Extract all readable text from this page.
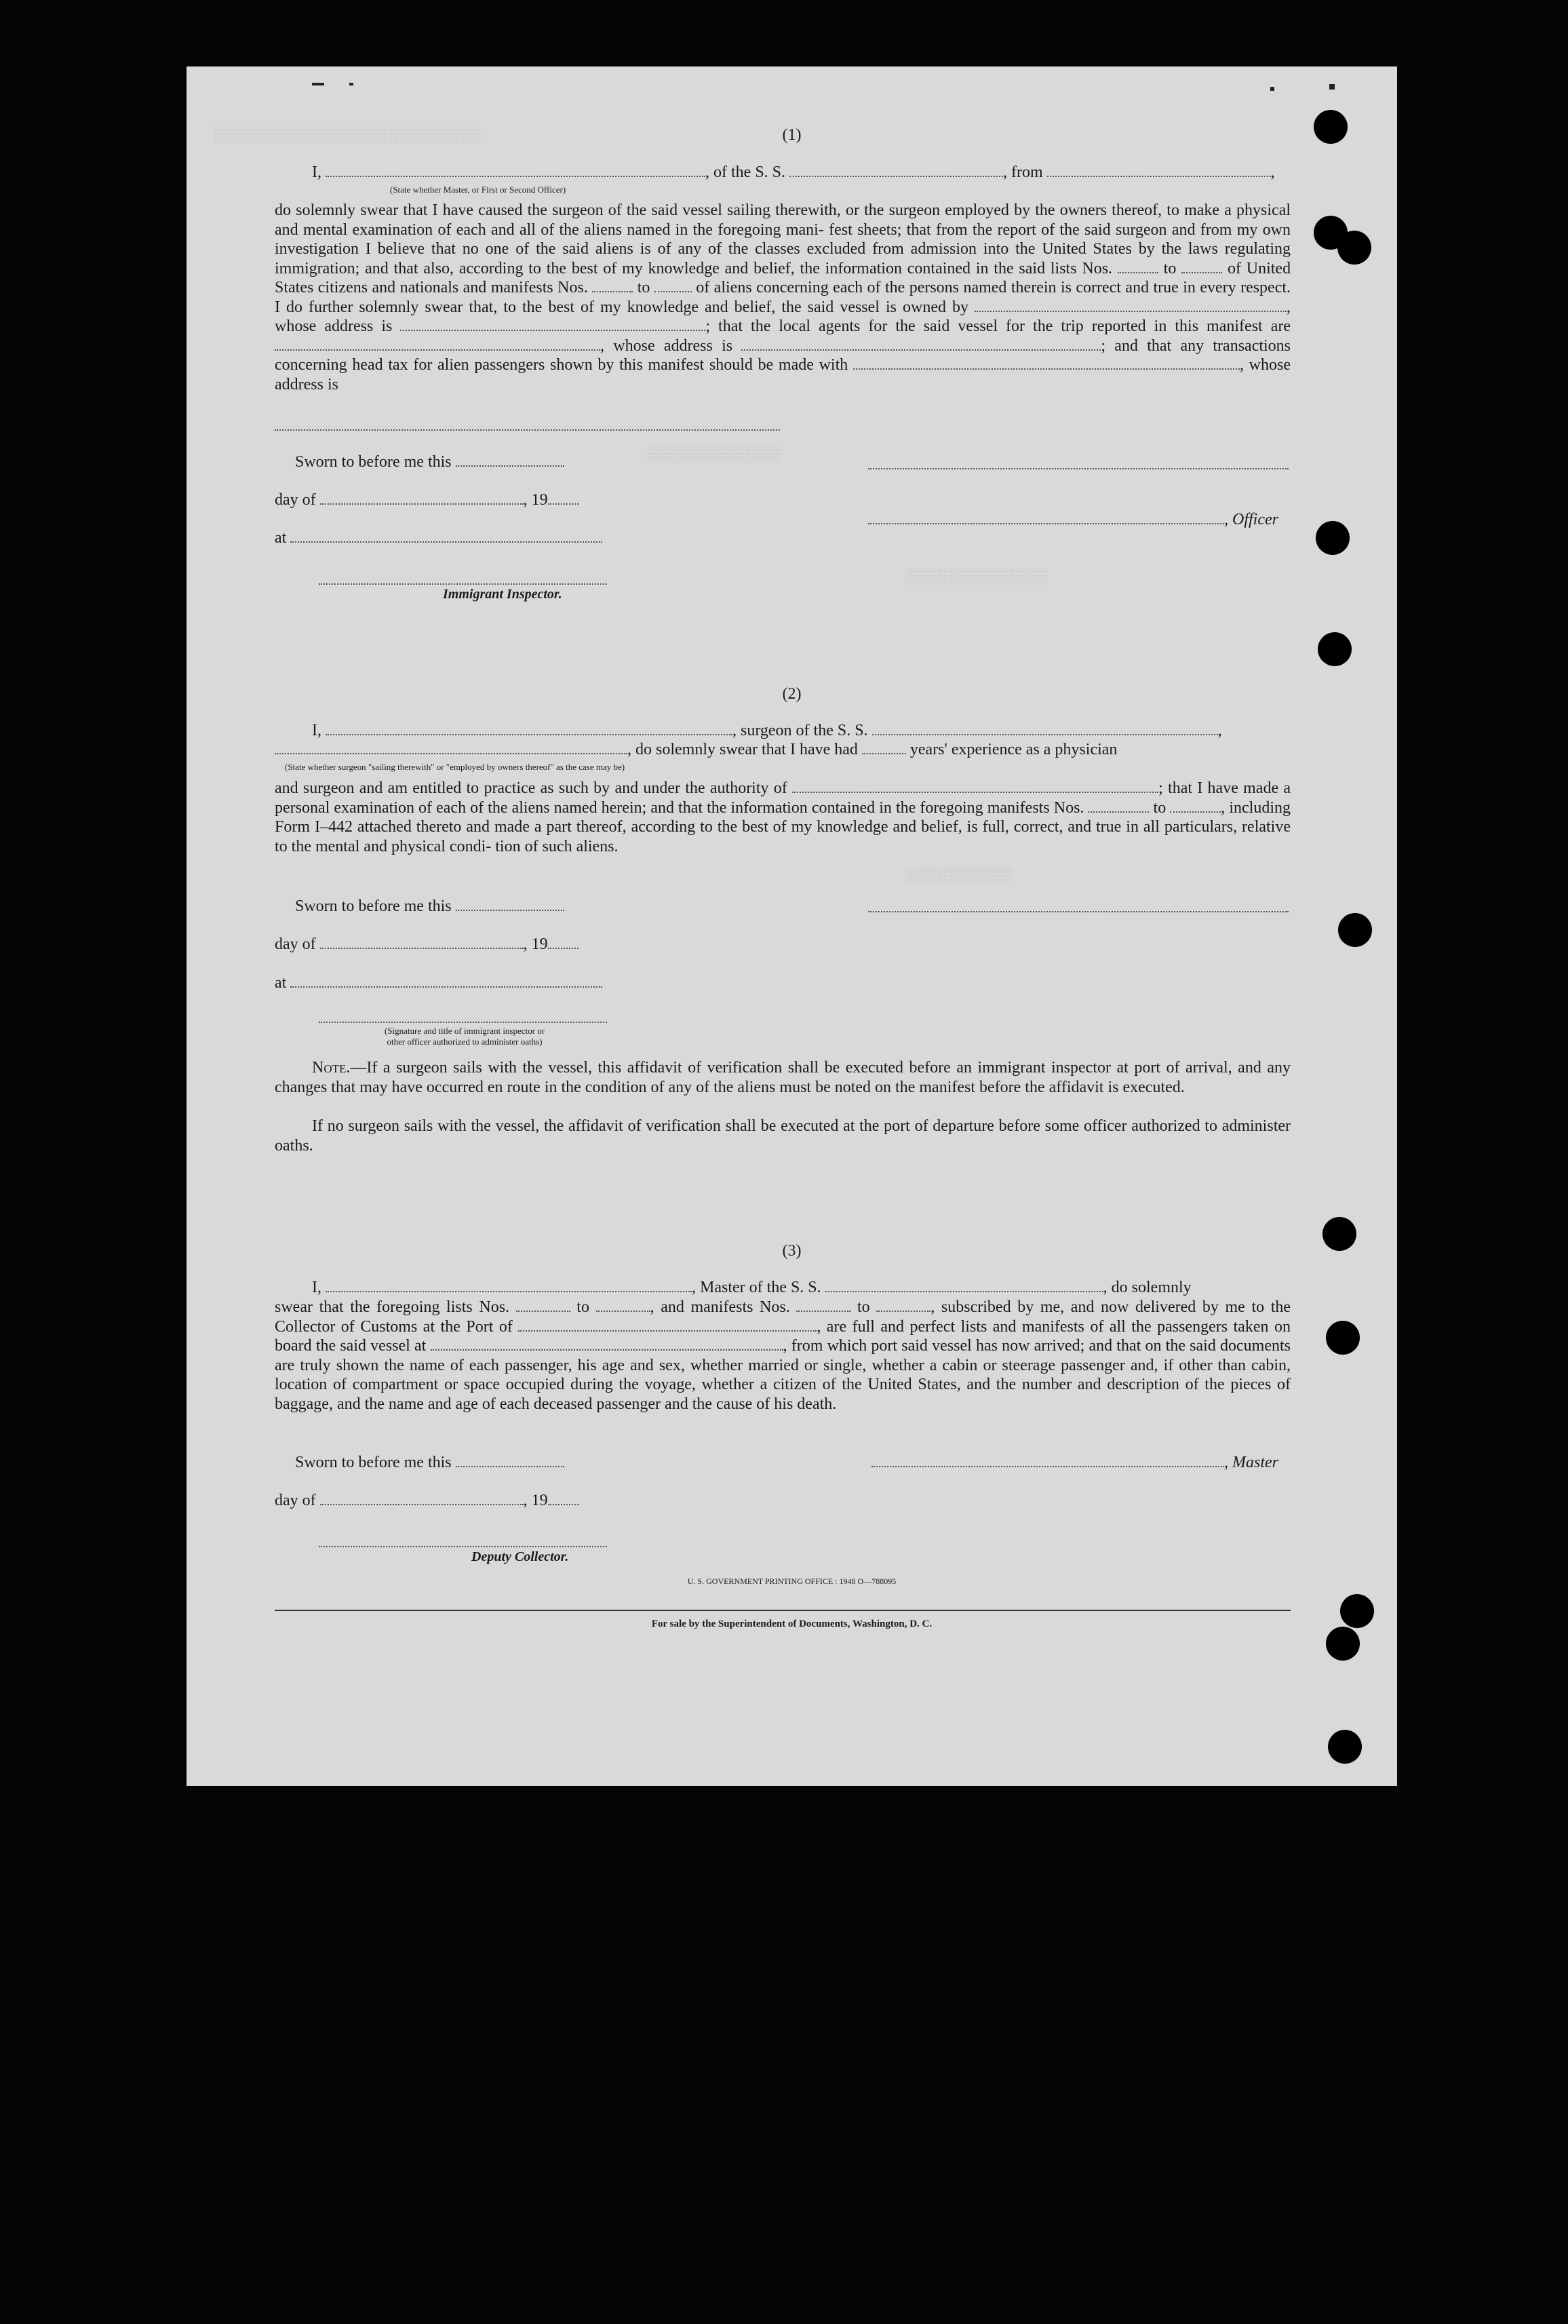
░░░░░░░░░░░░░░░░░░░░░░░░░░░░░░
░░░░░░░░░░░░░░░
░░░░░░░░░░░░░░░░
░░░░░░░░░░░░
(1)
I,	, of the S. S.	, from	,
(State whether Master, or First or Second Officer)
do solemnly swear that I have caused the surgeon of the said vessel sailing therewith, or the surgeon employed by the owners thereof, to make a physical and mental examination of each and all of the aliens named in the foregoing mani- fest sheets; that from the report of the said surgeon and from my own investigation I believe that no one of the said aliens is of any of the classes excluded from admission into the United States by the laws regulating immigration; and that also, according to the best of my knowledge and belief, the information contained in the said lists Nos.	to	of United States citizens and nationals and manifests Nos.	to	of aliens concerning each of the persons named therein is correct and true in every respect. I do further solemnly swear that, to the best of my knowledge and belief, the said vessel is owned by	, whose address is	; that the local agents for the said vessel for the trip reported in this manifest are , whose address is	; and that any transactions concerning head tax for alien passengers shown by this manifest should be made with	, whose address is
Sworn to before me this
day of	, 19
, Officer
at
Immigrant Inspector.
(2)
I,	, surgeon of the S. S.	,
, do solemnly swear that I have had	years' experience as a physician
(State whether surgeon "sailing therewith" or "employed by owners thereof" as the case may be)
and surgeon and am entitled to practice as such by and under the authority of	; that I have made a personal examination of each of the aliens named herein; and that the information contained in the foregoing manifests Nos.	to	, including Form I–442 attached thereto and made a part thereof, according to the best of my knowledge and belief, is full, correct, and true in all particulars, relative to the mental and physical condi- tion of such aliens.
Sworn to before me this
day of	, 19
at
(Signature and title of immigrant inspector or
other officer authorized to administer oaths)
Note.—If a surgeon sails with the vessel, this affidavit of verification shall be executed before an immigrant inspector at port of arrival, and any changes that may have occurred en route in the condition of any of the aliens must be noted on the manifest before the affidavit is executed.
If no surgeon sails with the vessel, the affidavit of verification shall be executed at the port of departure before some officer authorized to administer oaths.
(3)
I,	, Master of the S. S.	, do solemnly
swear that the foregoing lists Nos.	to	, and manifests Nos.	to	, subscribed by me, and now delivered by me to the Collector of Customs at the Port of	, are full and perfect lists and manifests of all the passengers taken on board the said vessel at	, from which port said vessel has now arrived; and that on the said documents are truly shown the name of each passenger, his age and sex, whether married or single, whether a cabin or steerage passenger and, if other than cabin, location of compartment or space occupied during the voyage, whether a citizen of the United States, and the number and description of the pieces of baggage, and the name and age of each deceased passenger and the cause of his death.
Sworn to before me this	, Master
day of	, 19
Deputy Collector.
U. S. GOVERNMENT PRINTING OFFICE : 1948 O—788095
For sale by the Superintendent of Documents, Washington, D. C.
